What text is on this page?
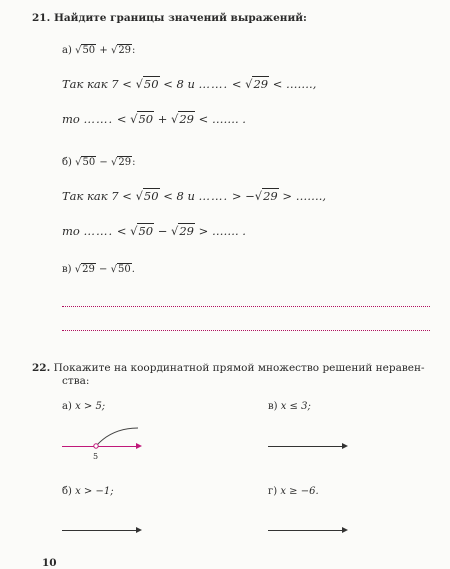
21. Найдите границы значений выражений:
а) √50 + √29:
Так как 7 < √50 < 8 и ……. < √29 < …….,
то ……. < √50 + √29 < ……. .
б) √50 − √29:
Так как 7 < √50 < 8 и ……. > −√29 > …….,
то ……. < √50 − √29 > ……. .
в) √29 − √50.
22. Покажите на координатной прямой множество решений неравен-
ства:
а) x > 5;
5
в) x ≤ 3;
б) x > −1;	г) x ≥ −6.
10
